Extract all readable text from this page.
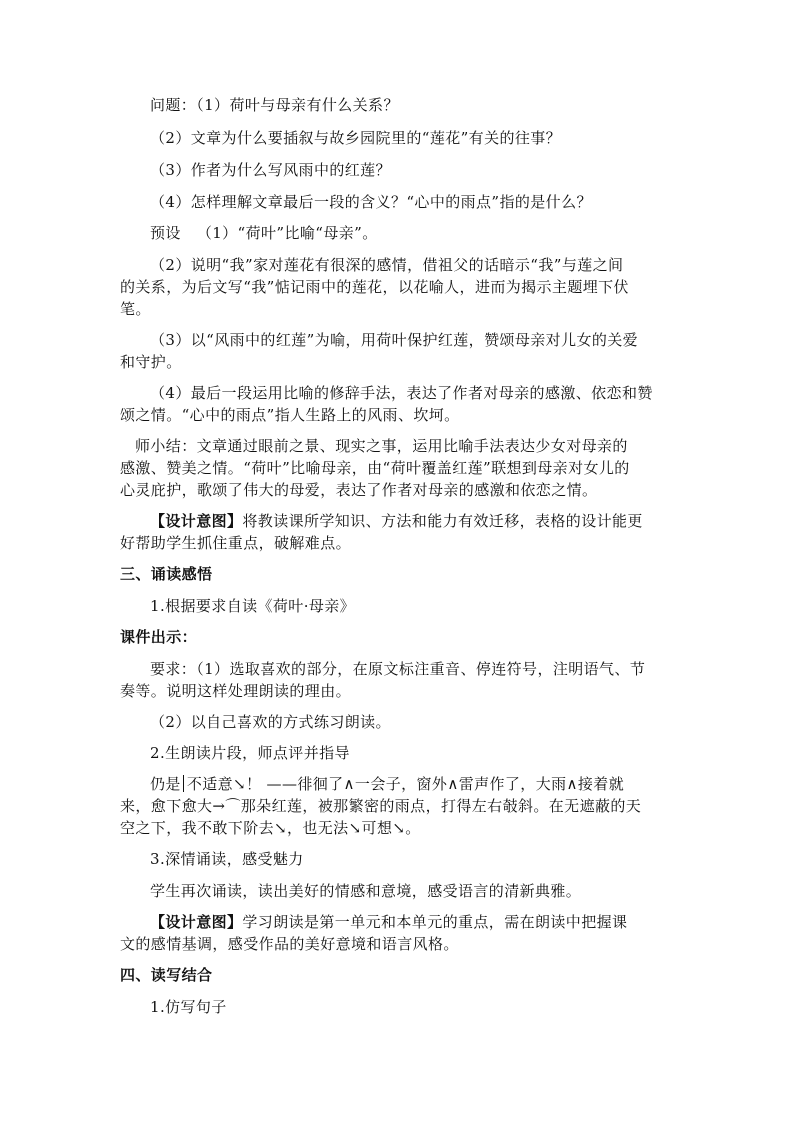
问题：（1）荷叶与母亲有什么关系？
（2）文章为什么要插叙与故乡园院里的“莲花”有关的往事？
（3）作者为什么写风雨中的红莲？
（4）怎样理解文章最后一段的含义？“心中的雨点”指的是什么？
预设 （1）“荷叶”比喻“母亲”。
（2）说明“我”家对莲花有很深的感情，借祖父的话暗示“我”与莲之间
的关系，为后文写“我”惦记雨中的莲花，以花喻人，进而为揭示主题埋下伏
笔。
（3）以“风雨中的红莲”为喻，用荷叶保护红莲，赞颂母亲对儿女的关爱
和守护。
（4）最后一段运用比喻的修辞手法，表达了作者对母亲的感激、依恋和赞
颂之情。“心中的雨点”指人生路上的风雨、坎坷。
师小结：文章通过眼前之景、现实之事，运用比喻手法表达少女对母亲的
感激、赞美之情。“荷叶”比喻母亲，由“荷叶覆盖红莲”联想到母亲对女儿的
心灵庇护，歌颂了伟大的母爱，表达了作者对母亲的感激和依恋之情。
【设计意图】将教读课所学知识、方法和能力有效迁移，表格的设计能更
好帮助学生抓住重点，破解难点。
三、诵读感悟
1.根据要求自读《荷叶·母亲》
课件出示：
要求：（1）选取喜欢的部分，在原文标注重音、停连符号，注明语气、节
奏等。说明这样处理朗读的理由。
（2）以自己喜欢的方式练习朗读。
2.生朗读片段，师点评并指导
仍是 不适意↘！ ——徘徊了∧一会子，窗外∧雷声作了，大雨∧接着就
来，愈下愈大→⌒那朵红莲，被那繁密的雨点，打得左右攲斜。在无遮蔽的天
空之下，我不敢下阶去↘，也无法↘可想↘。
3.深情诵读，感受魅力
学生再次诵读，读出美好的情感和意境，感受语言的清新典雅。
【设计意图】学习朗读是第一单元和本单元的重点，需在朗读中把握课
文的感情基调，感受作品的美好意境和语言风格。
四、读写结合
1.仿写句子
